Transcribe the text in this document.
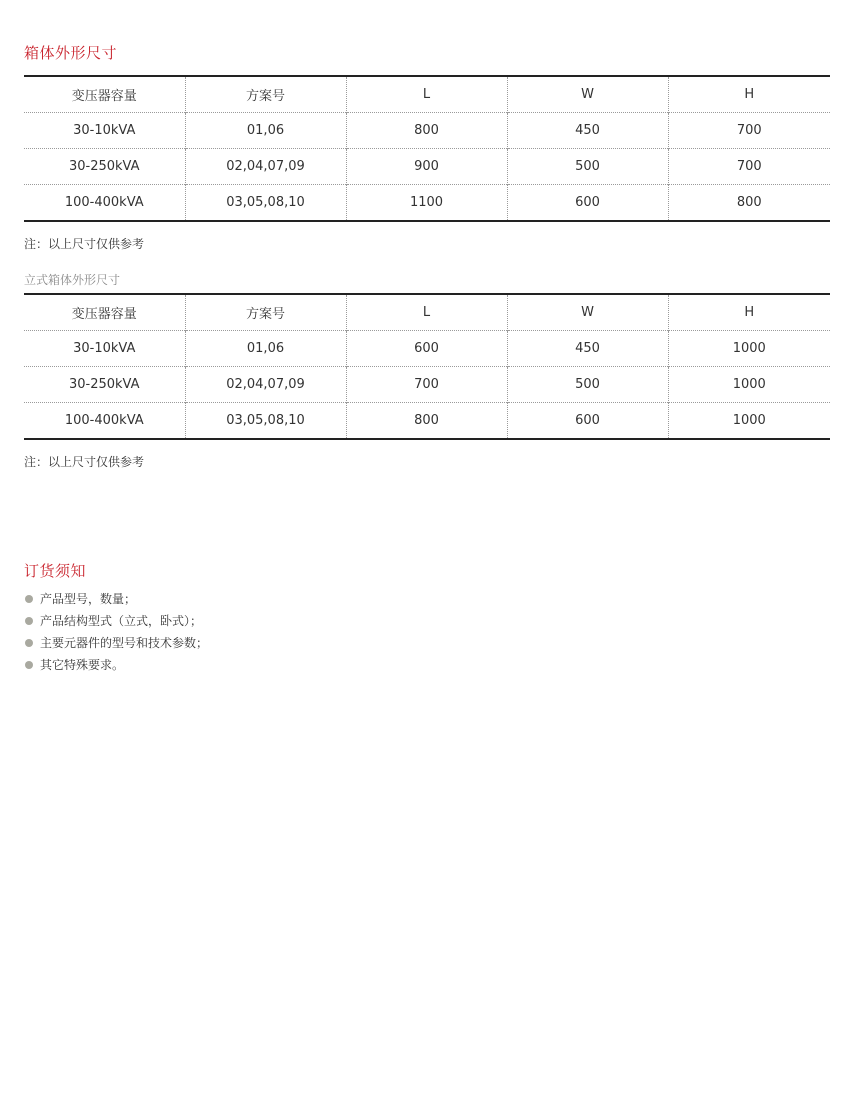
箱体外形尺寸
变压器容量	方案号	L	W	H
30-10kVA	01,06	800	450	700
30-250kVA	02,04,07,09	900	500	700
100-400kVA	03,05,08,10	1100	600	800
注：以上尺寸仅供参考
立式箱体外形尺寸
变压器容量	方案号	L	W	H
30-10kVA	01,06	600	450	1000
30-250kVA	02,04,07,09	700	500	1000
100-400kVA	03,05,08,10	800	600	1000
注：以上尺寸仅供参考
订货须知
产品型号，数量；
产品结构型式（立式，卧式）；
主要元器件的型号和技术参数；
其它特殊要求。
